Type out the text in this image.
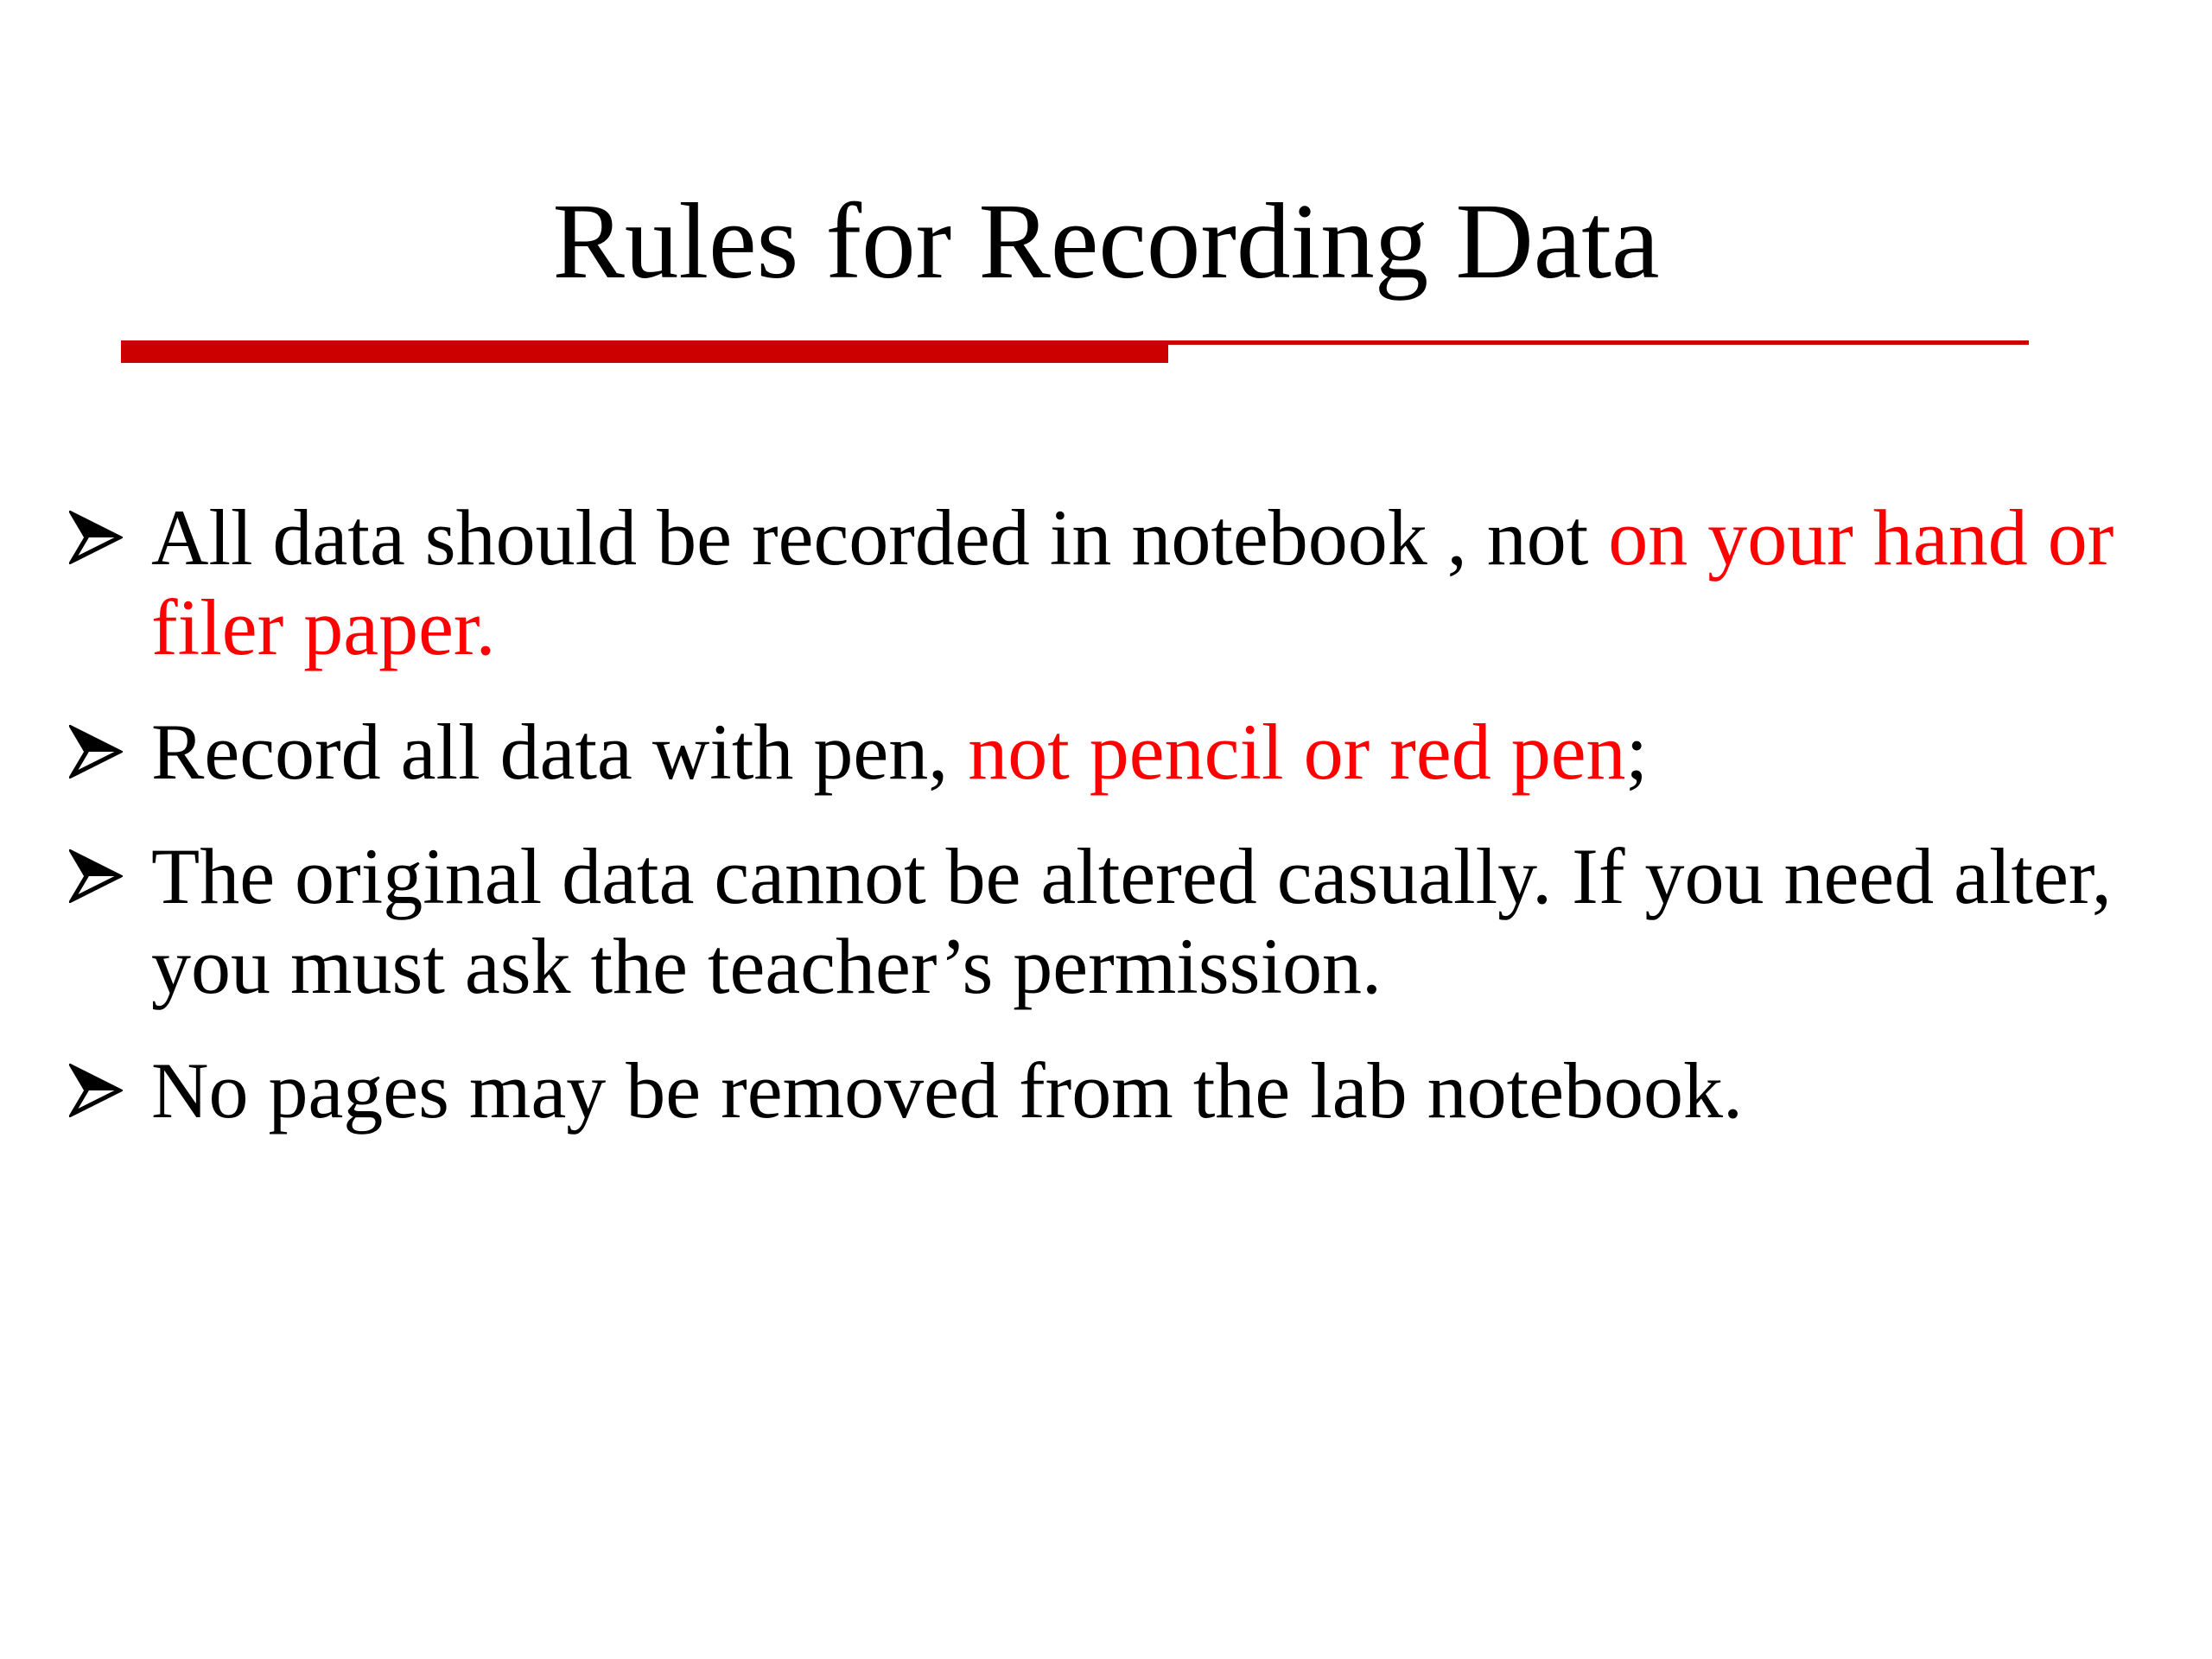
Rules for Recording Data
All data should be recorded in notebook , not on your hand or filer paper.
Record all data with pen, not pencil or red pen;
The original data cannot be altered casually. If you need alter, you must ask the teacher’s permission.
No pages may be removed from the lab notebook.
